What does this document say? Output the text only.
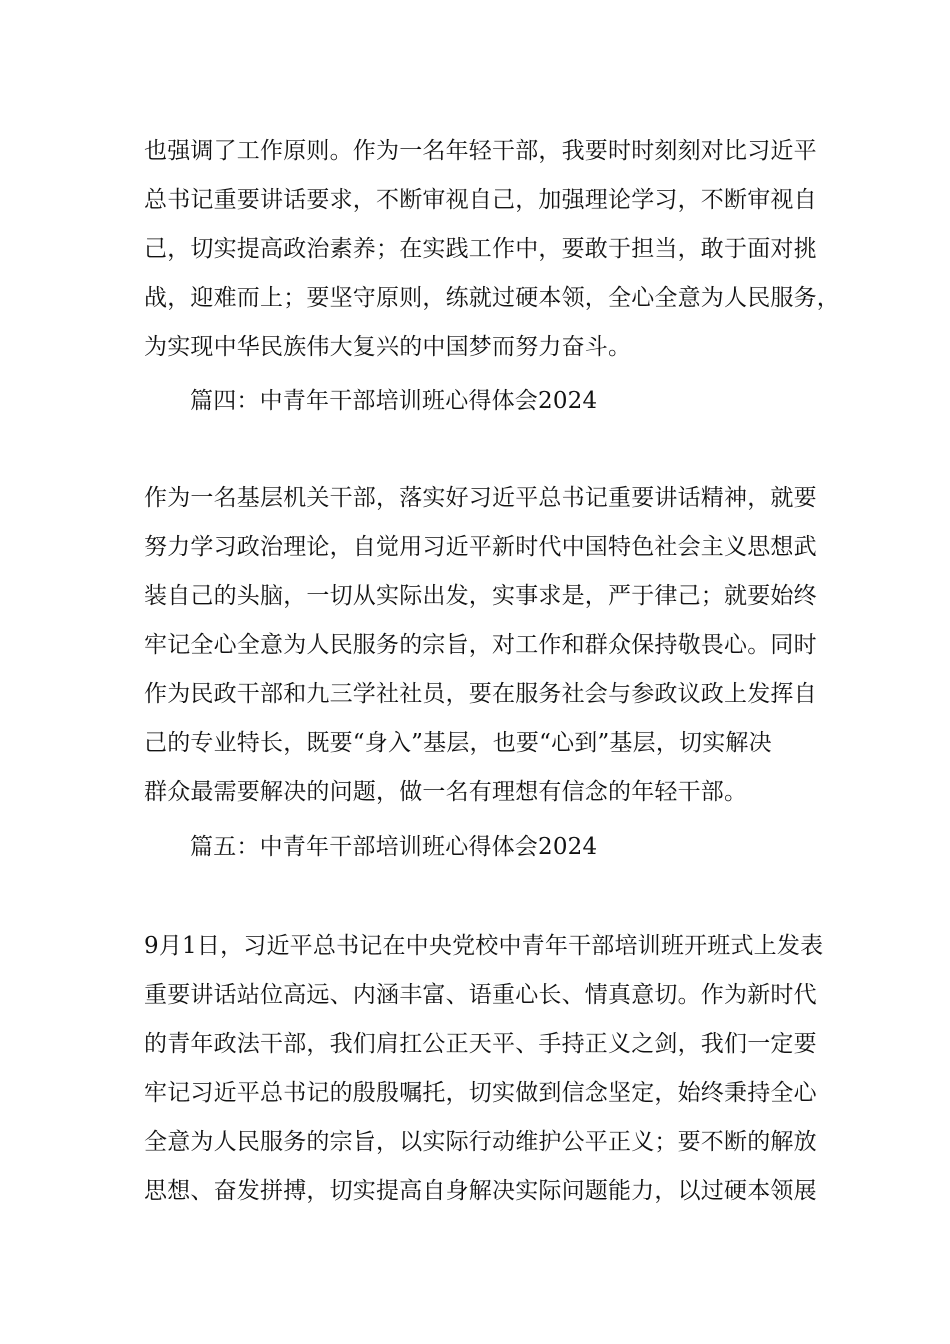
也强调了工作原则。作为一名年轻干部，我要时时刻刻对比习近平
总书记重要讲话要求，不断审视自己，加强理论学习，不断审视自
己，切实提高政治素养；在实践工作中，要敢于担当，敢于面对挑
战，迎难而上；要坚守原则，练就过硬本领，全心全意为人民服务，
为实现中华民族伟大复兴的中国梦而努力奋斗。
篇四：中青年干部培训班心得体会2024
作为一名基层机关干部，落实好习近平总书记重要讲话精神，就要
努力学习政治理论，自觉用习近平新时代中国特色社会主义思想武
装自己的头脑，一切从实际出发，实事求是，严于律己；就要始终
牢记全心全意为人民服务的宗旨，对工作和群众保持敬畏心。同时
作为民政干部和九三学社社员，要在服务社会与参政议政上发挥自
己的专业特长，既要“身入”基层，也要“心到”基层，切实解决
群众最需要解决的问题，做一名有理想有信念的年轻干部。
篇五：中青年干部培训班心得体会2024
9月1日，习近平总书记在中央党校中青年干部培训班开班式上发表
重要讲话站位高远、内涵丰富、语重心长、情真意切。作为新时代
的青年政法干部，我们肩扛公正天平、手持正义之剑，我们一定要
牢记习近平总书记的殷殷嘱托，切实做到信念坚定，始终秉持全心
全意为人民服务的宗旨，以实际行动维护公平正义；要不断的解放
思想、奋发拼搏，切实提高自身解决实际问题能力，以过硬本领展
